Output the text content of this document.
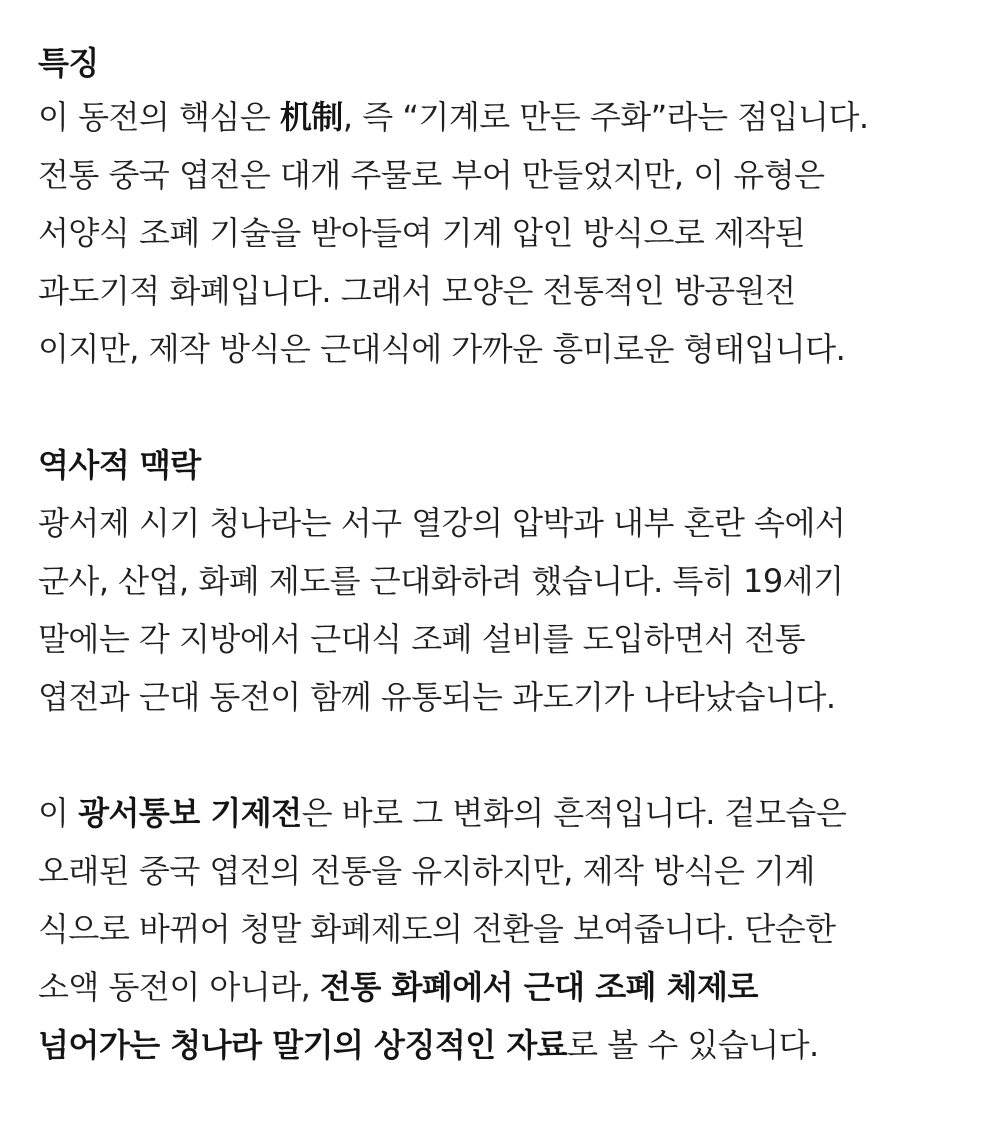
특징
이 동전의 핵심은 机制, 즉 “기계로 만든 주화”라는 점입니다.
전통 중국 엽전은 대개 주물로 부어 만들었지만, 이 유형은
서양식 조폐 기술을 받아들여 기계 압인 방식으로 제작된
과도기적 화폐입니다. 그래서 모양은 전통적인 방공원전
이지만, 제작 방식은 근대식에 가까운 흥미로운 형태입니다.
역사적 맥락
광서제 시기 청나라는 서구 열강의 압박과 내부 혼란 속에서
군사, 산업, 화폐 제도를 근대화하려 했습니다. 특히 19세기
말에는 각 지방에서 근대식 조폐 설비를 도입하면서 전통
엽전과 근대 동전이 함께 유통되는 과도기가 나타났습니다.
이 광서통보 기제전은 바로 그 변화의 흔적입니다. 겉모습은
오래된 중국 엽전의 전통을 유지하지만, 제작 방식은 기계
식으로 바뀌어 청말 화폐제도의 전환을 보여줍니다. 단순한
소액 동전이 아니라, 전통 화폐에서 근대 조폐 체제로
넘어가는 청나라 말기의 상징적인 자료로 볼 수 있습니다.
